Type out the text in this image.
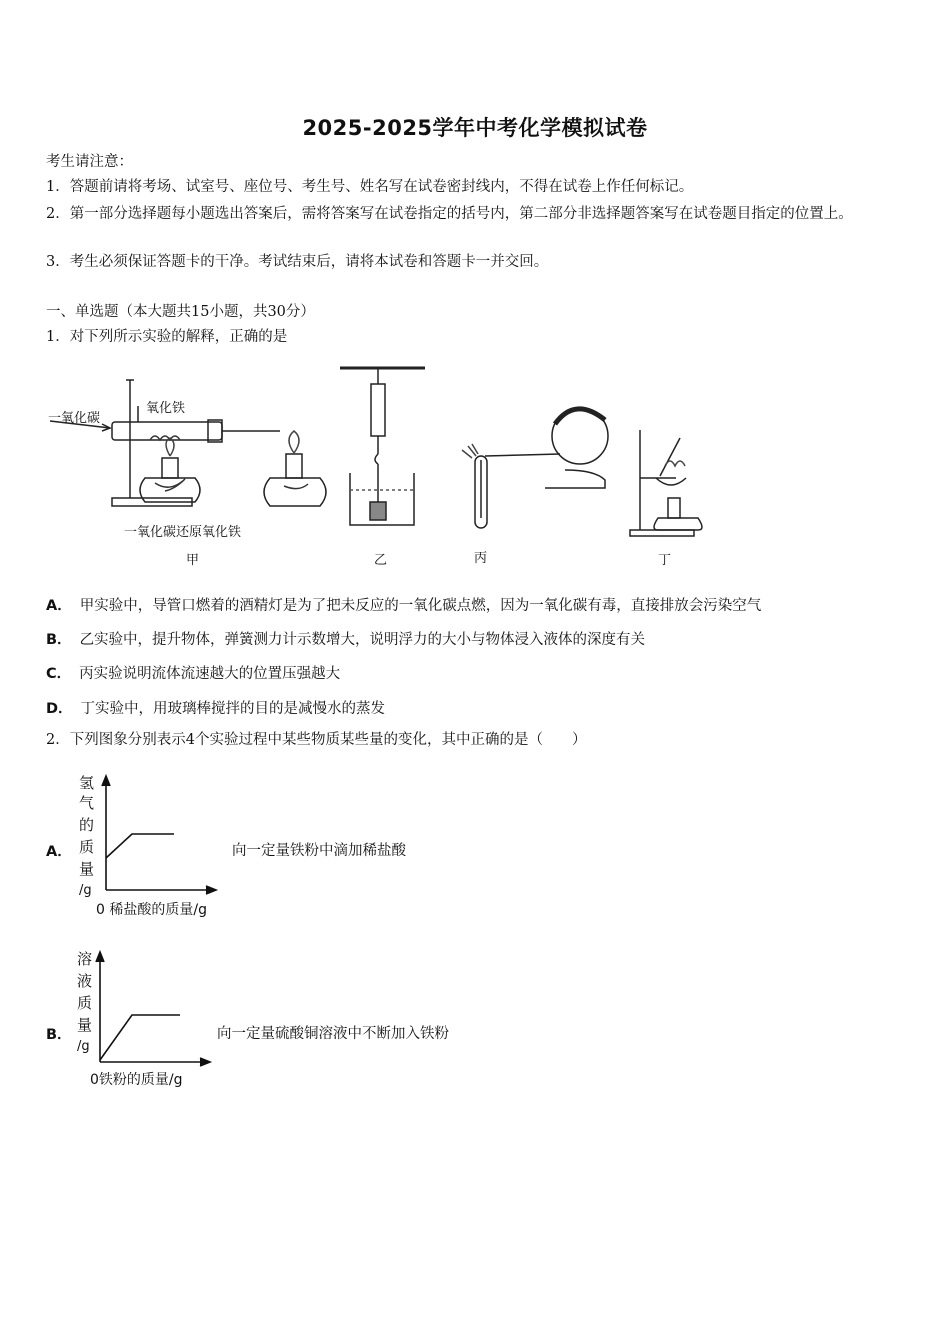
2025-2025学年中考化学模拟试卷
考生请注意：
1．答题前请将考场、试室号、座位号、考生号、姓名写在试卷密封线内，不得在试卷上作任何标记。
2．第一部分选择题每小题选出答案后，需将答案写在试卷指定的括号内，第二部分非选择题答案写在试卷题目指定的位置上。
3．考生必须保证答题卡的干净。考试结束后，请将本试卷和答题卡一并交回。
一、单选题（本大题共15小题，共30分）
1．对下列所示实验的解释，正确的是
一氧化碳
氧化铁
一氧化碳还原氧化铁
甲	乙	丙	丁
A． 甲实验中，导管口燃着的酒精灯是为了把未反应的一氧化碳点燃，因为一氧化碳有毒，直接排放会污染空气
B． 乙实验中，提升物体，弹簧测力计示数增大，说明浮力的大小与物体浸入液体的深度有关
C． 丙实验说明流体流速越大的位置压强越大
D． 丁实验中，用玻璃棒搅拌的目的是减慢水的蒸发
2．下列图象分别表示4个实验过程中某些物质某些量的变化，其中正确的是（　　）
A．
氢
气
的
质
量
/g
0 稀盐酸的质量/g
向一定量铁粉中滴加稀盐酸
B．
溶
液
质
量
/g
0铁粉的质量/g
向一定量硫酸铜溶液中不断加入铁粉
